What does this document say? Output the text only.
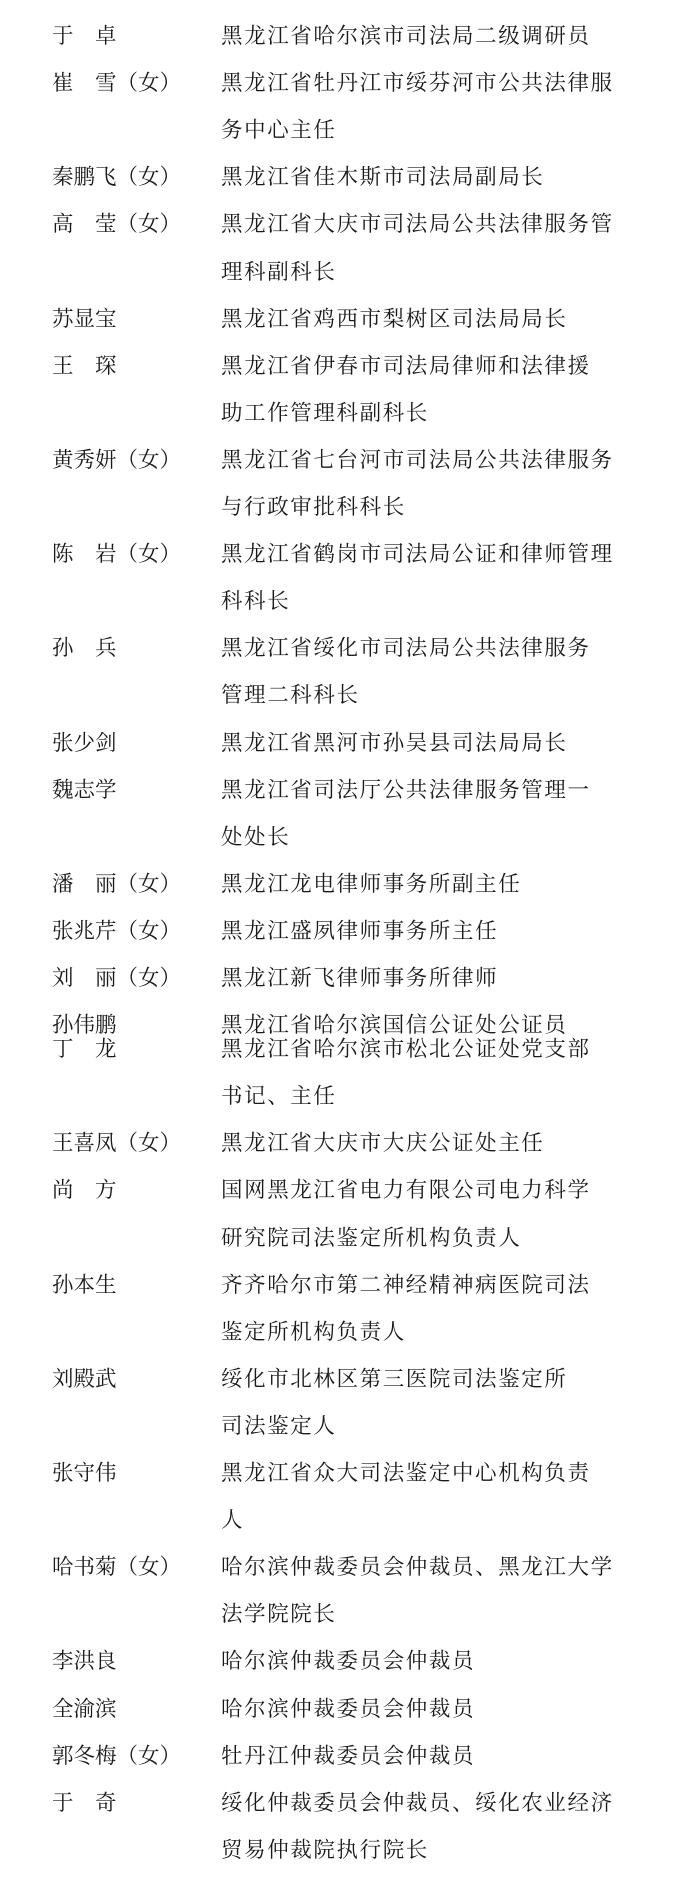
于　卓	黑龙江省哈尔滨市司法局二级调研员
崔　雪（女）	黑龙江省牡丹江市绥芬河市公共法律服
务中心主任
秦鹏飞（女）	黑龙江省佳木斯市司法局副局长
高　莹（女）	黑龙江省大庆市司法局公共法律服务管
理科副科长
苏显宝	黑龙江省鸡西市梨树区司法局局长
王　琛	黑龙江省伊春市司法局律师和法律援
助工作管理科副科长
黄秀妍（女）	黑龙江省七台河市司法局公共法律服务
与行政审批科科长
陈　岩（女）	黑龙江省鹤岗市司法局公证和律师管理
科科长
孙　兵	黑龙江省绥化市司法局公共法律服务
管理二科科长
张少剑	黑龙江省黑河市孙吴县司法局局长
魏志学	黑龙江省司法厅公共法律服务管理一
处处长
潘　丽（女）	黑龙江龙电律师事务所副主任
张兆芹（女）	黑龙江盛夙律师事务所主任
刘　丽（女）	黑龙江新飞律师事务所律师
孙伟鹏	黑龙江省哈尔滨国信公证处公证员
丁　龙	黑龙江省哈尔滨市松北公证处党支部
书记、主任
王喜凤（女）	黑龙江省大庆市大庆公证处主任
尚　方	国网黑龙江省电力有限公司电力科学
研究院司法鉴定所机构负责人
孙本生	齐齐哈尔市第二神经精神病医院司法
鉴定所机构负责人
刘殿武	绥化市北林区第三医院司法鉴定所
司法鉴定人
张守伟	黑龙江省众大司法鉴定中心机构负责
人
哈书菊（女）	哈尔滨仲裁委员会仲裁员、黑龙江大学
法学院院长
李洪良	哈尔滨仲裁委员会仲裁员
全渝滨	哈尔滨仲裁委员会仲裁员
郭冬梅（女）	牡丹江仲裁委员会仲裁员
于　奇	绥化仲裁委员会仲裁员、绥化农业经济
贸易仲裁院执行院长
